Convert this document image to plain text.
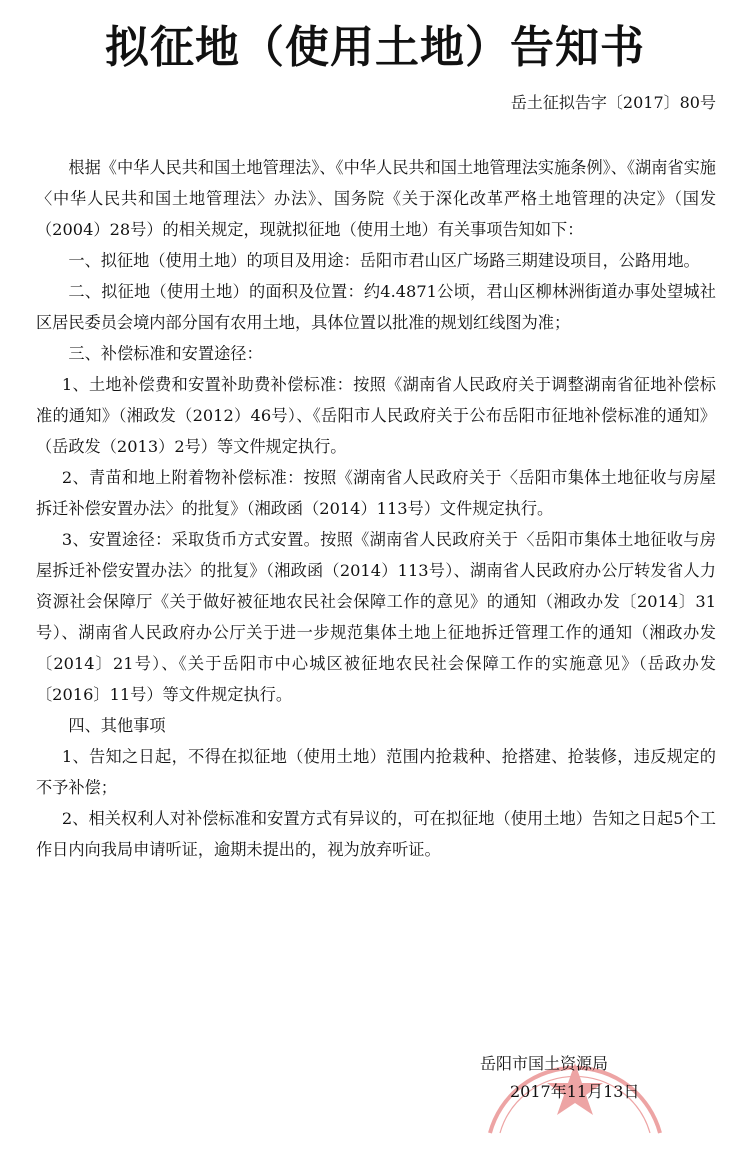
拟征地（使用土地）告知书
岳土征拟告字〔2017〕80号

根据《中华人民共和国土地管理法》、《中华人民共和国土地管理法实施条例》、《湖南省实施〈中华人民共和国土地管理法〉办法》、国务院《关于深化改革严格土地管理的决定》（国发（2004）28号）的相关规定，现就拟征地（使用土地）有关事项告知如下：

一、拟征地（使用土地）的项目及用途：岳阳市君山区广场路三期建设项目，公路用地。

二、拟征地（使用土地）的面积及位置：约4.4871公顷，君山区柳林洲街道办事处望城社区居民委员会境内部分国有农用土地，具体位置以批准的规划红线图为准；

三、补偿标准和安置途径：

1、土地补偿费和安置补助费补偿标准：按照《湖南省人民政府关于调整湖南省征地补偿标准的通知》（湘政发（2012）46号）、《岳阳市人民政府关于公布岳阳市征地补偿标准的通知》（岳政发（2013）2号）等文件规定执行。

2、青苗和地上附着物补偿标准：按照《湖南省人民政府关于〈岳阳市集体土地征收与房屋拆迁补偿安置办法〉的批复》（湘政函（2014）113号）文件规定执行。

3、安置途径：采取货币方式安置。按照《湖南省人民政府关于〈岳阳市集体土地征收与房屋拆迁补偿安置办法〉的批复》（湘政函（2014）113号）、湖南省人民政府办公厅转发省人力资源社会保障厅《关于做好被征地农民社会保障工作的意见》的通知（湘政办发〔2014〕31号）、湖南省人民政府办公厅关于进一步规范集体土地上征地拆迁管理工作的通知（湘政办发〔2014〕21号）、《关于岳阳市中心城区被征地农民社会保障工作的实施意见》（岳政办发〔2016〕11号）等文件规定执行。

四、其他事项

1、告知之日起，不得在拟征地（使用土地）范围内抢栽种、抢搭建、抢装修，违反规定的不予补偿；

2、相关权利人对补偿标准和安置方式有异议的，可在拟征地（使用土地）告知之日起5个工作日内向我局申请听证，逾期未提出的，视为放弃听证。

岳阳市国土资源局
2017年11月13日
